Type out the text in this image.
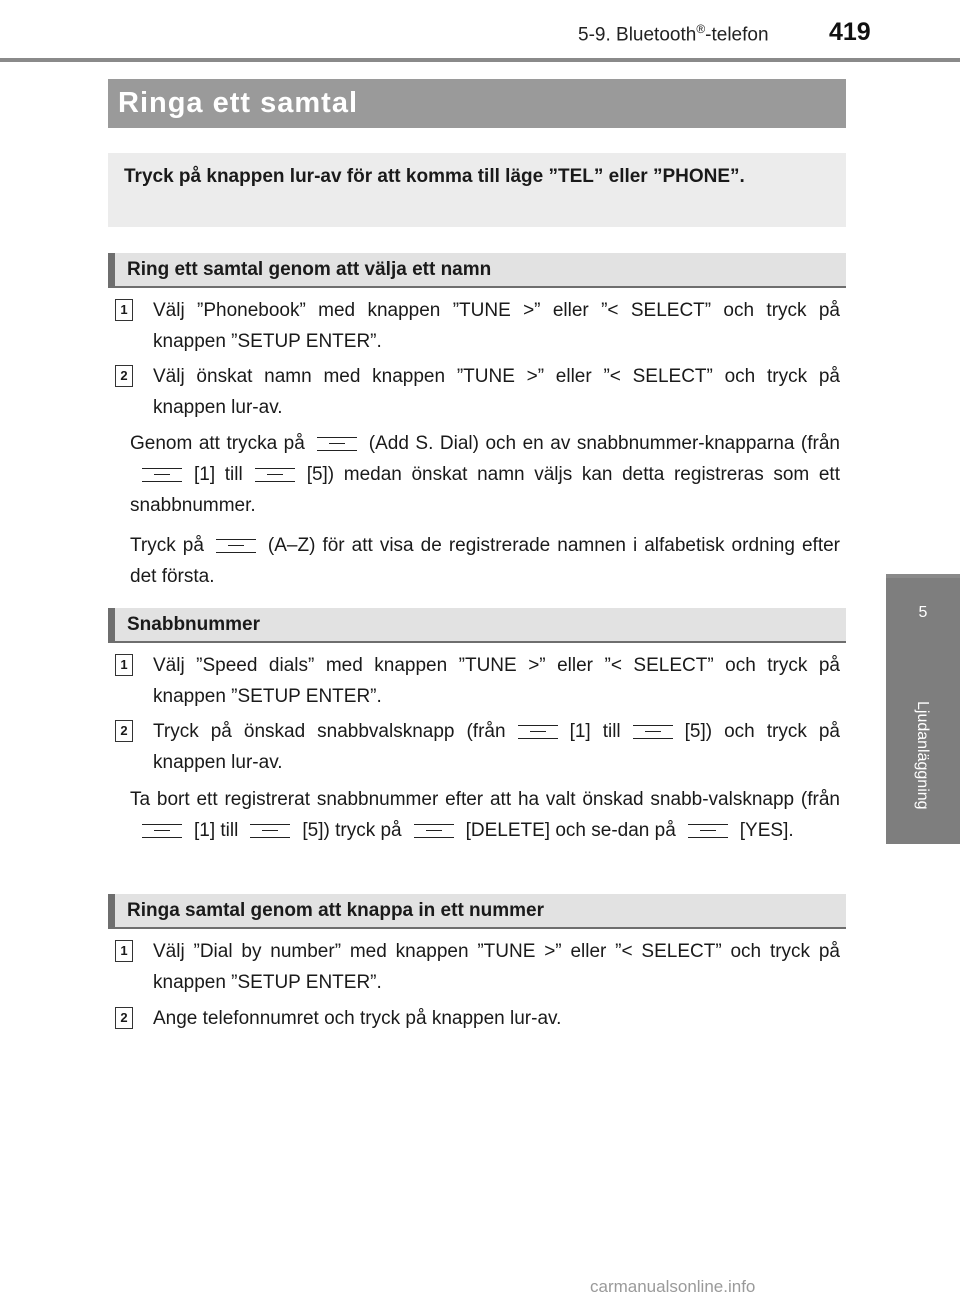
5-9. Bluetooth®-telefon 419
5
Ljudanläggning
Ringa ett samtal
Tryck på knappen lur-av för att komma till läge ”TEL” eller ”PHONE”.
Ring ett samtal genom att välja ett namn
1 Välj ”Phonebook” med knappen ”TUNE >” eller ”< SELECT” och tryck på knappen ”SETUP ENTER”.
2 Välj önskat namn med knappen ”TUNE >” eller ”< SELECT” och tryck på knappen lur-av.
Genom att trycka på	(Add S. Dial) och en av snabbnummer-knapparna (från
[1] till	[5]) medan önskat namn väljs kan detta registreras som ett snabbnummer.
Tryck på	(A–Z) för att visa de registrerade namnen i alfabetisk ordning efter det första.
Snabbnummer
1 Välj ”Speed dials” med knappen ”TUNE >” eller ”< SELECT” och tryck på knappen ”SETUP ENTER”.
2 Tryck på önskad snabbvalsknapp (från	[1] till	[5]) och tryck på knappen lur-av.
Ta bort ett registrerat snabbnummer efter att ha valt önskad snabb-valsknapp (från
[1] till	[5]) tryck på	[DELETE] och se-dan på	[YES].
Ringa samtal genom att knappa in ett nummer
1 Välj ”Dial by number” med knappen ”TUNE >” eller ”< SELECT” och tryck på knappen ”SETUP ENTER”.
2 Ange telefonnumret och tryck på knappen lur-av.
carmanualsonline.info
